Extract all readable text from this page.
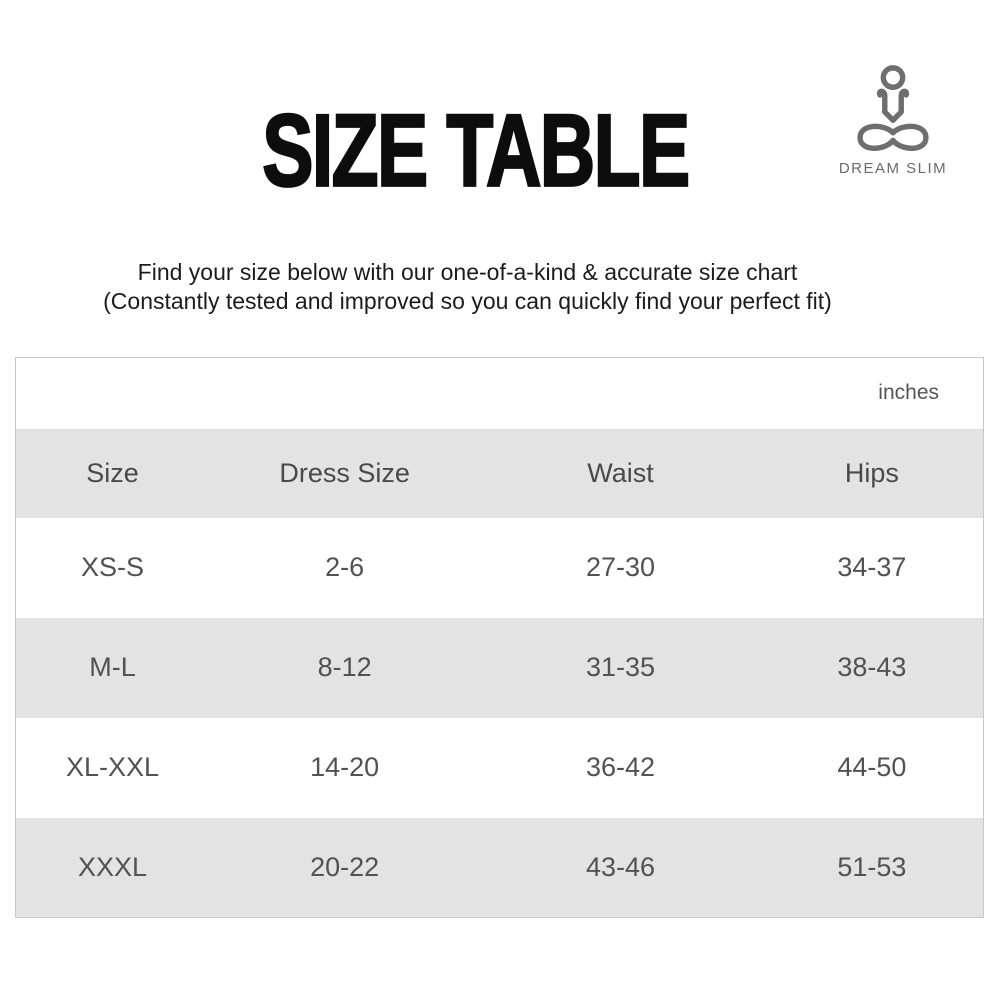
SIZE TABLE	DREAM SLIM
Find your size below with our one-of-a-kind & accurate size chart
(Constantly tested and improved so you can quickly find your perfect fit)
inches			
Size	Dress Size	Waist	Hips
XS-S	2-6	27-30	34-37
M-L	8-12	31-35	38-43
XL-XXL	14-20	36-42	44-50
XXXL	20-22	43-46	51-53
